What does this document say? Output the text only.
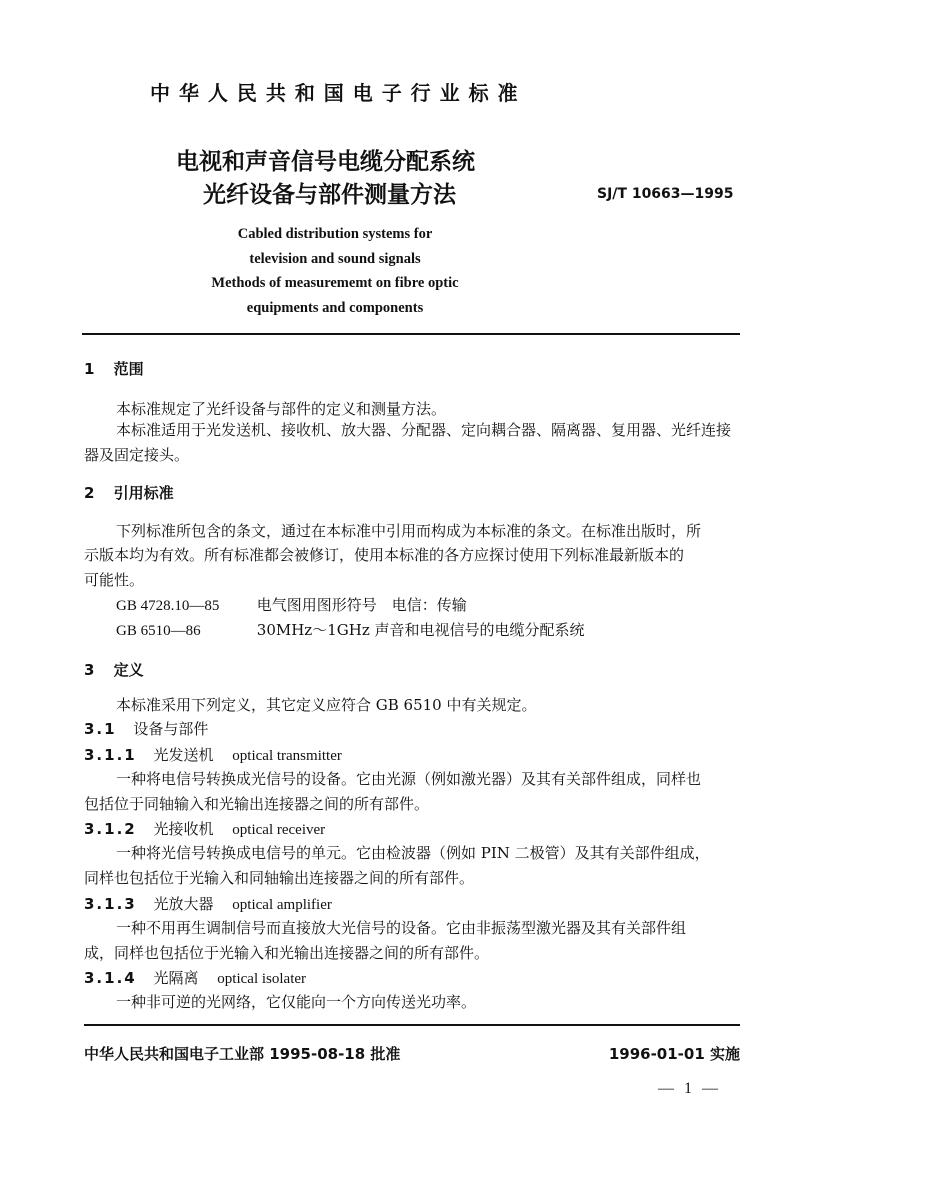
中 华 人 民 共 和 国 电 子 行 业 标 准
电视和声音信号电缆分配系统
光纤设备与部件测量方法	SJ/T 10663—1995
Cabled distribution systems for
television and sound signals
Methods of measurememt on fibre optic
equipments and components
1 范围
本标准规定了光纤设备与部件的定义和测量方法。
本标准适用于光发送机、接收机、放大器、分配器、定向耦合器、隔离器、复用器、光纤连接
器及固定接头。
2 引用标准
下列标准所包含的条文，通过在本标准中引用而构成为本标准的条文。在标准出版时，所
示版本均为有效。所有标准都会被修订，使用本标准的各方应探讨使用下列标准最新版本的
可能性。
GB 4728.10—85 电气图用图形符号　电信：传输
GB 6510—86	30MHz～1GHz 声音和电视信号的电缆分配系统
3 定义
本标准采用下列定义，其它定义应符合 GB 6510 中有关规定。
3.1 设备与部件
3.1.1 光发送机 optical transmitter
一种将电信号转换成光信号的设备。它由光源（例如激光器）及其有关部件组成，同样也
包括位于同轴输入和光输出连接器之间的所有部件。
3.1.2 光接收机 optical receiver
一种将光信号转换成电信号的单元。它由检波器（例如 PIN 二极管）及其有关部件组成，
同样也包括位于光输入和同轴输出连接器之间的所有部件。
3.1.3 光放大器 optical amplifier
一种不用再生调制信号而直接放大光信号的设备。它由非振荡型激光器及其有关部件组
成，同样也包括位于光输入和光输出连接器之间的所有部件。
3.1.4 光隔离 optical isolater
一种非可逆的光网络，它仅能向一个方向传送光功率。
中华人民共和国电子工业部 1995-08-18 批准	1996-01-01 实施
— 1 —
